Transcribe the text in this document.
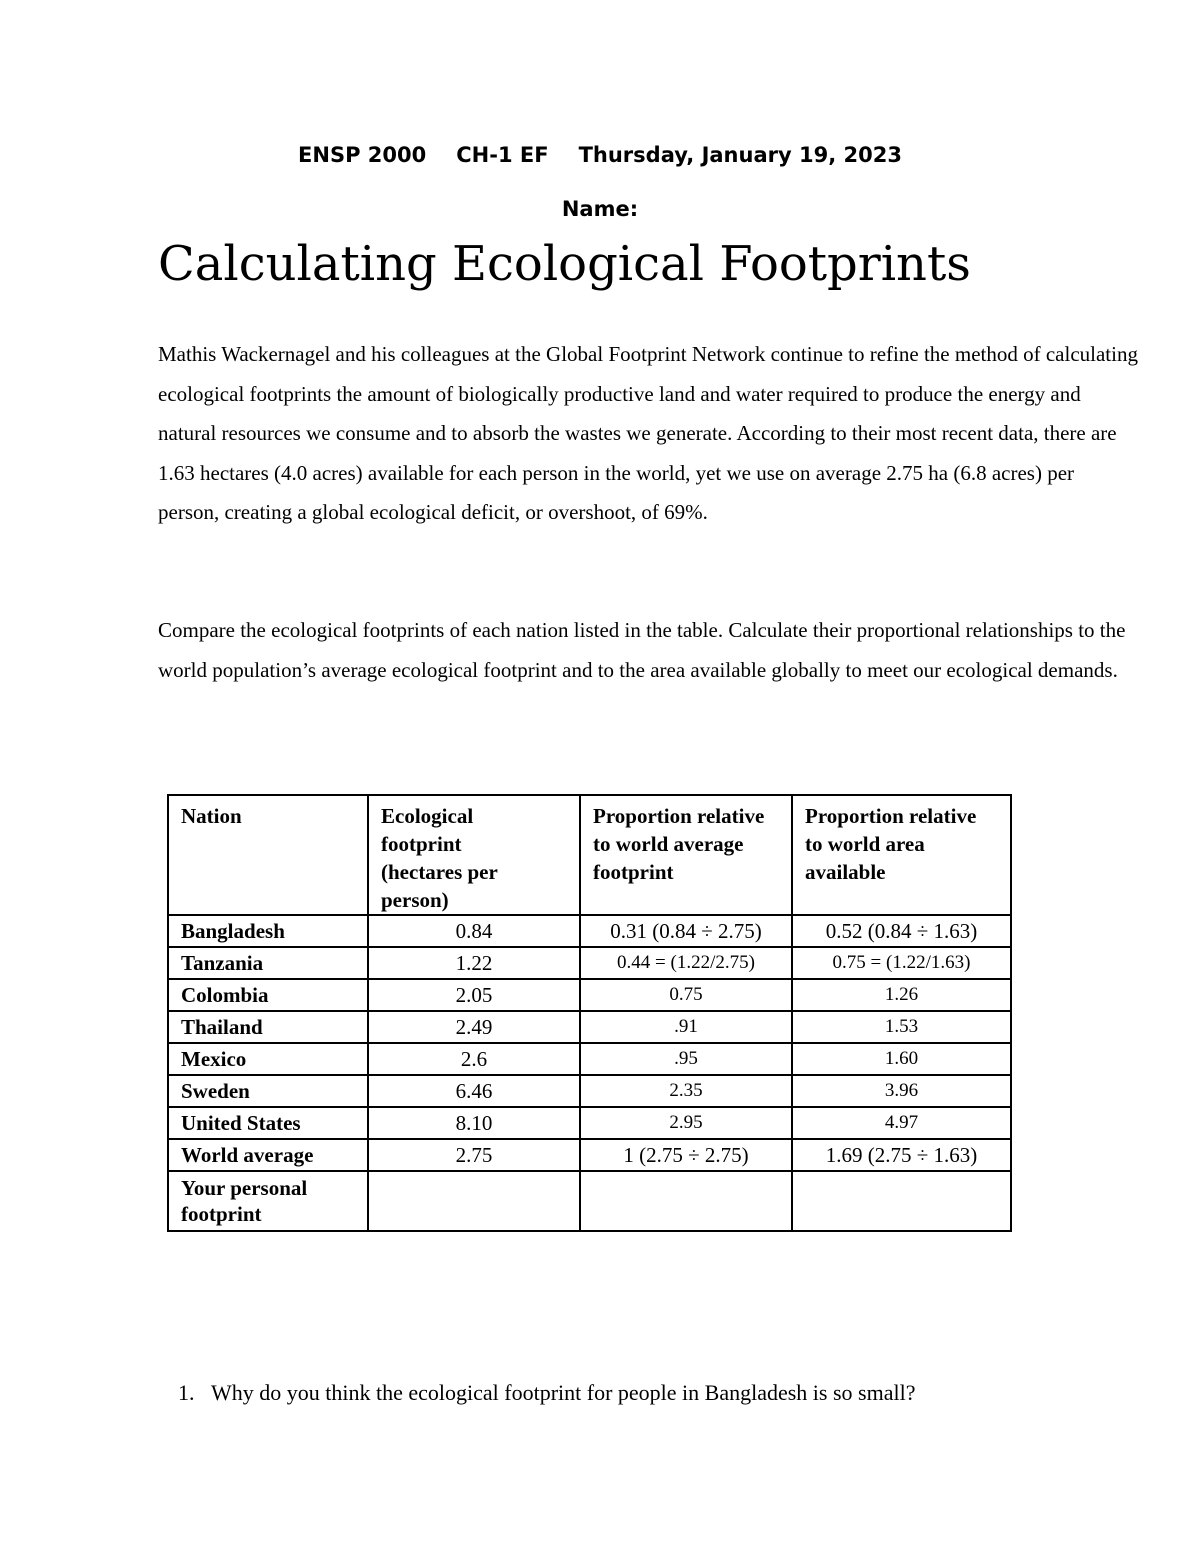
ENSP 2000 CH-1 EF Thursday, January 19, 2023
Name:
Calculating Ecological Footprints

Mathis Wackernagel and his colleagues at the Global Footprint Network continue to refine the method of calculating ecological footprints the amount of biologically productive land and water required to produce the energy and natural resources we consume and to absorb the wastes we generate. According to their most recent data, there are 1.63 hectares (4.0 acres) available for each person in the world, yet we use on average 2.75 ha (6.8 acres) per person, creating a global ecological deficit, or overshoot, of 69%.

Compare the ecological footprints of each nation listed in the table. Calculate their proportional relationships to the world population’s average ecological footprint and to the area available globally to meet our ecological demands.

Nation	Ecological footprint (hectares per person)	Proportion relative to world average footprint	Proportion relative to world area available

Bangladesh	0.84	0.31 (0.84 ÷ 2.75)	0.52 (0.84 ÷ 1.63)
Tanzania	1.22	0.44 = (1.22/2.75)	0.75 = (1.22/1.63)
Colombia	2.05	0.75	1.26
Thailand	2.49	.91	1.53
Mexico	2.6	.95	1.60
Sweden	6.46	2.35	3.96
United States	8.10	2.95	4.97
World average	2.75	1 (2.75 ÷ 2.75)	1.69 (2.75 ÷ 1.63)
Your personal footprint			
1. Why do you think the ecological footprint for people in Bangladesh is so small?
